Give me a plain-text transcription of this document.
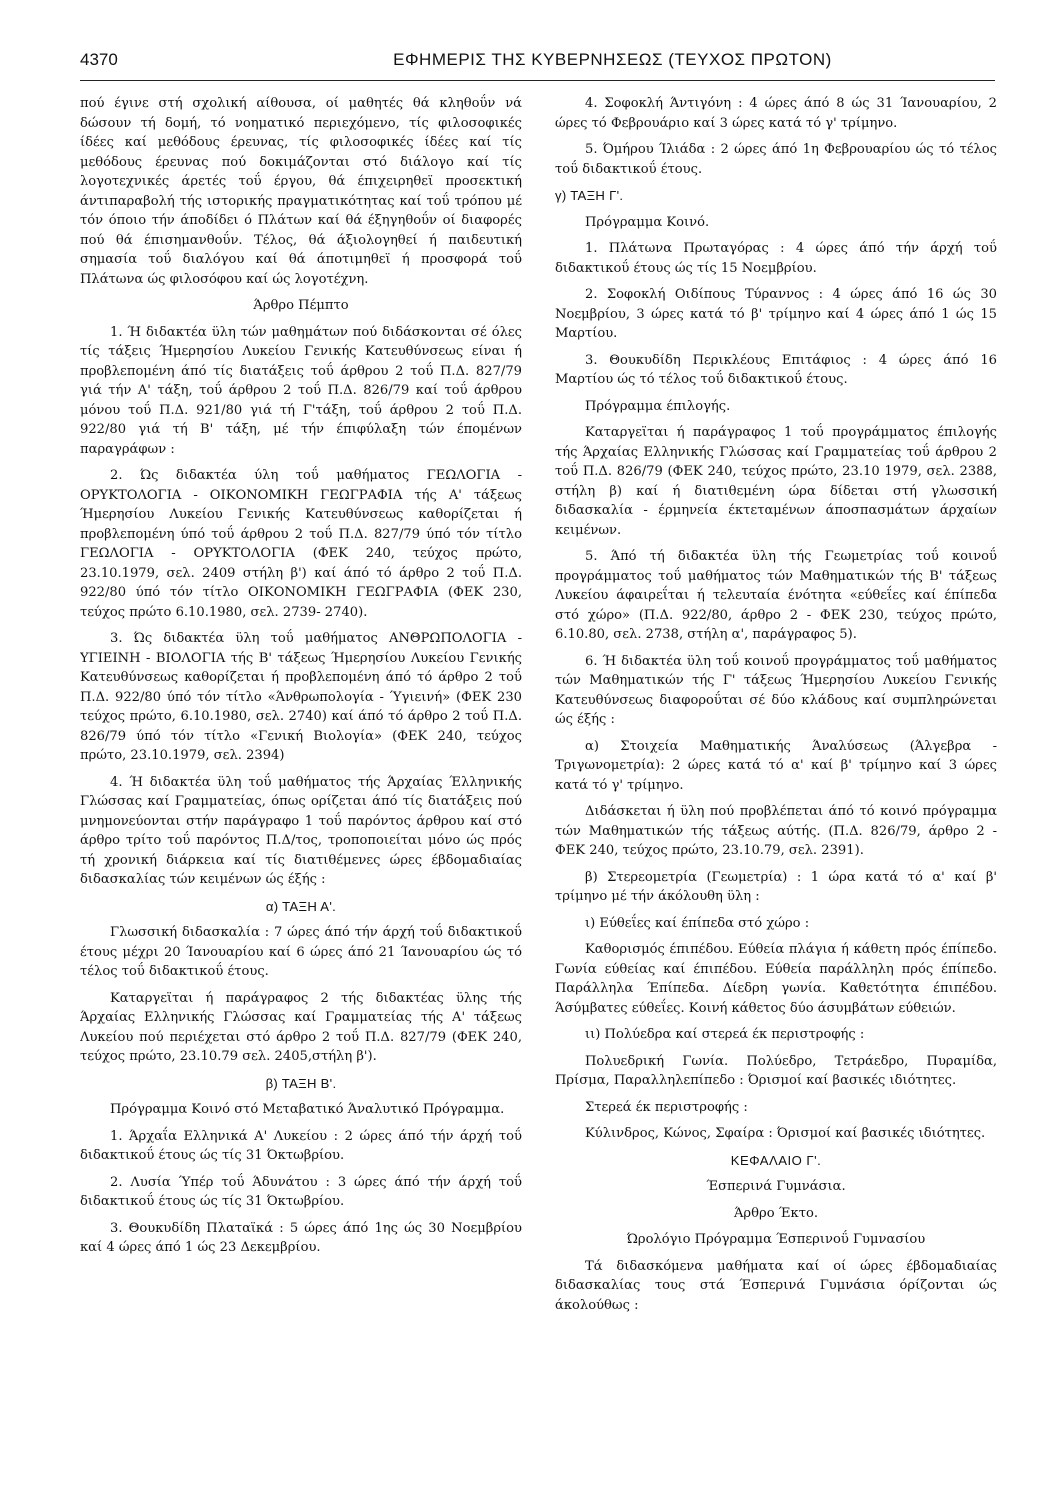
4370	ΕΦΗΜΕΡΙΣ ΤΗΣ ΚΥΒΕΡΝΗΣΕΩΣ (ΤΕΥΧΟΣ ΠΡΩΤΟΝ)

πού έγινε στή σχολική αίθουσα, οί μαθητές θά κληθοΰν νά δώσουν τή δομή, τό νοηματικό περιεχόμενο, τίς φιλοσοφικές ίδέες καί μεθόδους έρευνας, τίς φιλοσοφικές ίδέες καί τίς μεθόδους έρευνας πού δοκιμάζονται στό διάλογο καί τίς λογοτεχνικές άρετές τοΰ έργου, θά έπιχειρηθεϊ προσεκτική άντιπαραβολή τής ιστορικής πραγματικότητας καί τοΰ τρόπου μέ τόν όποιο τήν άποδίδει ό Πλάτων καί θά έξηγηθοΰν οί διαφορές πού θά έπισημανθοΰν. Τέλος, θά άξιολογηθεί ή παιδευτική σημασία τοΰ διαλόγου καί θά άποτιμηθεϊ ή προσφορά τοΰ Πλάτωνα ώς φιλοσόφου καί ώς λογοτέχνη.

Άρθρο Πέμπτο

1. Ή διδακτέα ϋλη τών μαθημάτων πού διδάσκονται σέ όλες τίς τάξεις Ήμερησίου Λυκείου Γενικής Κατευθύνσεως είναι ή προβλεπομένη άπό τίς διατάξεις τοΰ άρθρου 2 τοΰ Π.Δ. 827/79 γιά τήν Α' τάξη, τοΰ άρθρου 2 τοΰ Π.Δ. 826/79 καί τοΰ άρθρου μόνου τοΰ Π.Δ. 921/80 γιά τή Γ'τάξη, τοΰ άρθρου 2 τοΰ Π.Δ. 922/80 γιά τή Β' τάξη, μέ τήν έπιφύλαξη τών έπομένων παραγράφων :

2. Ώς διδακτέα ύλη τοΰ μαθήματος ΓΕΩΛΟΓΙΑ - ΟΡΥΚΤΟΛΟΓΙΑ - ΟΙΚΟΝΟΜΙΚΗ ΓΕΩΓΡΑΦΙΑ τής Α' τάξεως Ήμερησίου Λυκείου Γενικής Κατευθύνσεως καθορίζεται ή προβλεπομένη ύπό τοΰ άρθρου 2 τοΰ Π.Δ. 827/79 ύπό τόν τίτλο ΓΕΩΛΟΓΙΑ - ΟΡΥΚΤΟΛΟΓΙΑ (ΦΕΚ 240, τεύχος πρώτο, 23.10.1979, σελ. 2409 στήλη β') καί άπό τό άρθρο 2 τοΰ Π.Δ. 922/80 ύπό τόν τίτλο ΟΙΚΟΝΟΜΙΚΗ ΓΕΩΓΡΑΦΙΑ (ΦΕΚ 230, τεύχος πρώτο 6.10.1980, σελ. 2739- 2740).

3. Ώς διδακτέα ϋλη τοΰ μαθήματος ΑΝΘΡΩΠΟΛΟΓΙΑ - ΥΓΙΕΙΝΗ - ΒΙΟΛΟΓΙΑ τής Β' τάξεως Ήμερησίου Λυκείου Γενικής Κατευθύνσεως καθορίζεται ή προβλεπομένη άπό τό άρθρο 2 τοΰ Π.Δ. 922/80 ύπό τόν τίτλο «Άνθρωπολογία - Ύγιεινή» (ΦΕΚ 230 τεύχος πρώτο, 6.10.1980, σελ. 2740) καί άπό τό άρθρο 2 τοΰ Π.Δ. 826/79 ύπό τόν τίτλο «Γενική Βιολογία» (ΦΕΚ 240, τεύχος πρώτο, 23.10.1979, σελ. 2394)

4. Ή διδακτέα ϋλη τοΰ μαθήματος τής Άρχαίας Έλληνικής Γλώσσας καί Γραμματείας, όπως ορίζεται άπό τίς διατάξεις πού μνημονεύονται στήν παράγραφο 1 τοΰ παρόντος άρθρου καί στό άρθρο τρίτο τοΰ παρόντος Π.Δ/τος, τροποποιείται μόνο ώς πρός τή χρονική διάρκεια καί τίς διατιθέμενες ώρες έβδομαδιαίας διδασκαλίας τών κειμένων ώς έξής :

α) ΤΑΞΗ Α'.

Γλωσσική διδασκαλία : 7 ώρες άπό τήν άρχή τοΰ διδακτικοΰ έτους μέχρι 20 Ίανουαρίου καί 6 ώρες άπό 21 Ίανουαρίου ώς τό τέλος τοΰ διδακτικοΰ έτους.

Καταργεϊται ή παράγραφος 2 τής διδακτέας ϋλης τής Άρχαίας Ελληνικής Γλώσσας καί Γραμματείας τής Α' τάξεως Λυκείου πού περιέχεται στό άρθρο 2 τοΰ Π.Δ. 827/79 (ΦΕΚ 240, τεύχος πρώτο, 23.10.79 σελ. 2405,στήλη β').

β) ΤΑΞΗ Β'.

Πρόγραμμα Κοινό στό Μεταβατικό Άναλυτικό Πρόγραμμα.

1. Άρχαΐα Ελληνικά Α' Λυκείου : 2 ώρες άπό τήν άρχή τοΰ διδακτικοΰ έτους ώς τίς 31 Όκτωβρίου.

2. Λυσία Ύπέρ τοΰ Άδυνάτου : 3 ώρες άπό τήν άρχή τοΰ διδακτικοΰ έτους ώς τίς 31 Όκτωβρίου.

3. Θουκυδίδη Πλαταϊκά : 5 ώρες άπό 1ης ώς 30 Νοεμβρίου καί 4 ώρες άπό 1 ώς 23 Δεκεμβρίου.

4. Σοφοκλή Άντιγόνη : 4 ώρες άπό 8 ώς 31 Ίανουαρίου, 2 ώρες τό Φεβρουάριο καί 3 ώρες κατά τό γ' τρίμηνο.

5. Όμήρου Ίλιάδα : 2 ώρες άπό 1η Φεβρουαρίου ώς τό τέλος τοΰ διδακτικοΰ έτους.

γ) ΤΑΞΗ Γ'.

Πρόγραμμα Κοινό.

1. Πλάτωνα Πρωταγόρας : 4 ώρες άπό τήν άρχή τοΰ διδακτικοΰ έτους ώς τίς 15 Νοεμβρίου.

2. Σοφοκλή Οιδίπους Τύραννος : 4 ώρες άπό 16 ώς 30 Νοεμβρίου, 3 ώρες κατά τό β' τρίμηνο καί 4 ώρες άπό 1 ώς 15 Μαρτίου.

3. Θουκυδίδη Περικλέους Επιτάφιος : 4 ώρες άπό 16 Μαρτίου ώς τό τέλος τοΰ διδακτικοΰ έτους.

Πρόγραμμα έπιλογής.

Καταργεϊται ή παράγραφος 1 τοΰ προγράμματος έπιλογής τής Άρχαίας Ελληνικής Γλώσσας καί Γραμματείας τοΰ άρθρου 2 τοΰ Π.Δ. 826/79 (ΦΕΚ 240, τεύχος πρώτο, 23.10 1979, σελ. 2388, στήλη β) καί ή διατιθεμένη ώρα δίδεται στή γλωσσική διδασκαλία - έρμηνεία έκτεταμένων άποσπασμάτων άρχαίων κειμένων.

5. Άπό τή διδακτέα ϋλη τής Γεωμετρίας τοΰ κοινοΰ προγράμματος τοΰ μαθήματος τών Μαθηματικών τής Β' τάξεως Λυκείου άφαιρεΐται ή τελευταία ένότητα «εύθεΐες καί έπίπεδα στό χώρο» (Π.Δ. 922/80, άρθρο 2 - ΦΕΚ 230, τεύχος πρώτο, 6.10.80, σελ. 2738, στήλη α', παράγραφος 5).

6. Ή διδακτέα ϋλη τοΰ κοινοΰ προγράμματος τοΰ μαθήματος τών Μαθηματικών τής Γ' τάξεως Ήμερησίου Λυκείου Γενικής Κατευθύνσεως διαφοροΰται σέ δύο κλάδους καί συμπληρώνεται ώς έξής :

α) Στοιχεία Μαθηματικής Άναλύσεως (Άλγεβρα - Τριγωνομετρία): 2 ώρες κατά τό α' καί β' τρίμηνο καί 3 ώρες κατά τό γ' τρίμηνο.

Διδάσκεται ή ϋλη πού προβλέπεται άπό τό κοινό πρόγραμμα τών Μαθηματικών τής τάξεως αύτής. (Π.Δ. 826/79, άρθρο 2 - ΦΕΚ 240, τεύχος πρώτο, 23.10.79, σελ. 2391).

β) Στερεομετρία (Γεωμετρία) : 1 ώρα κατά τό α' καί β' τρίμηνο μέ τήν άκόλουθη ϋλη :

ι) Εύθεΐες καί έπίπεδα στό χώρο :

Καθορισμός έπιπέδου. Εύθεία πλάγια ή κάθετη πρός έπίπεδο. Γωνία εύθείας καί έπιπέδου. Εύθεία παράλληλη πρός έπίπεδο. Παράλληλα Έπίπεδα. Δίεδρη γωνία. Καθετότητα έπιπέδου. Άσύμβατες εύθεΐες. Κοινή κάθετος δύο άσυμβάτων εύθειών.

ιι) Πολύεδρα καί στερεά έκ περιστροφής :

Πολυεδρική Γωνία. Πολύεδρο, Τετράεδρο, Πυραμίδα, Πρίσμα, Παραλληλεπίπεδο : Όρισμοί καί βασικές ιδιότητες.

Στερεά έκ περιστροφής :

Κύλινδρος, Κώνος, Σφαίρα : Όρισμοί καί βασικές ιδιότητες.

ΚΕΦΑΛΑΙΟ Γ'.

Έσπερινά Γυμνάσια.

Άρθρο Έκτο.

Ώρολόγιο Πρόγραμμα Έσπερινοΰ Γυμνασίου

Τά διδασκόμενα μαθήματα καί οί ώρες έβδομαδιαίας διδασκαλίας τους στά Έσπερινά Γυμνάσια όρίζονται ώς άκολούθως :
